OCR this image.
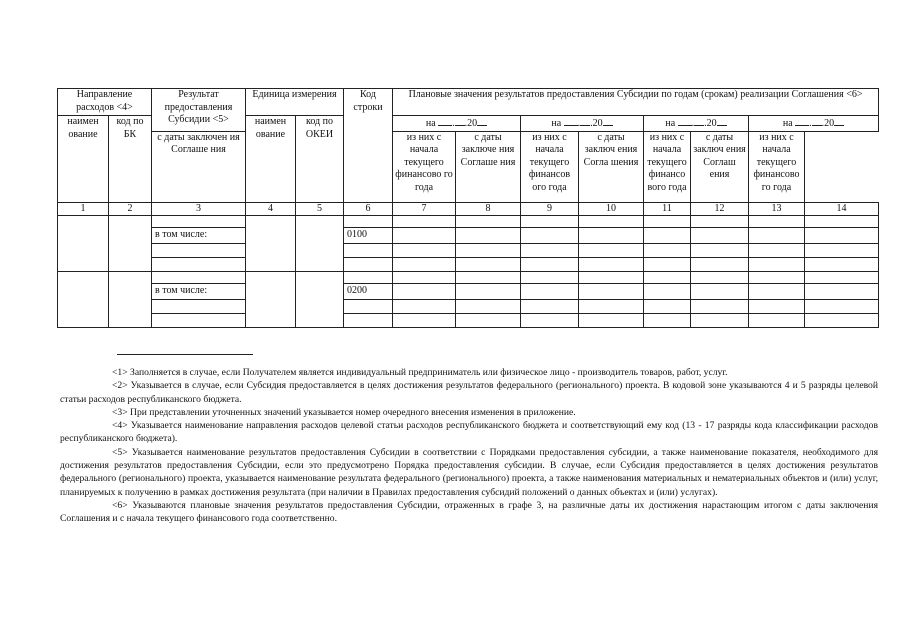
Направление расходов <4>		Результат предоставления Субсидии <5>	Единица измерения		Код строки	Плановые значения результатов предоставления Субсидии по годам (срокам) реализации Соглашения <6>							
наимен ование	код по БК		наимен ование	код по ОКЕИ		на . .20		на . .20		на . .20		на . .20	
		с даты заключен ия Соглаше ния				из них с начала текущего финансово го года	с даты заключе ния Соглаше ния	из них с начала текущего финансов ого года	с даты заключ ения Согла шения	из них с начала текущего финансо вого года	с даты заключ ения Соглаш ения	из них с начала текущего финансово го года	
1	2	3	4	5	6	7	8	9	10	11	12	13	14

		в том числе:			0100								

		в том числе:			0200								

<1> Заполняется в случае, если Получателем является индивидуальный предприниматель или физическое лицо - производитель товаров, работ, услуг.

<2> Указывается в случае, если Субсидия предоставляется в целях достижения результатов федерального (регионального) проекта. В кодовой зоне указываются 4 и 5 разряды целевой статьи расходов республиканского бюджета.

<3> При представлении уточненных значений указывается номер очередного внесения изменения в приложение.

<4> Указывается наименование направления расходов целевой статьи расходов республиканского бюджета и соответствующий ему код (13 - 17 разряды кода классификации расходов республиканского бюджета).

<5> Указывается наименование результатов предоставления Субсидии в соответствии с Порядками предоставления субсидии, а также наименование показателя, необходимого для достижения результатов предоставления Субсидии, если это предусмотрено Порядка предоставления субсидии. В случае, если Субсидия предоставляется в целях достижения результатов федерального (регионального) проекта, указывается наименование результата федерального (регионального) проекта, а также наименования материальных и нематериальных объектов и (или) услуг, планируемых к получению в рамках достижения результата (при наличии в Правилах предоставления субсидий положений о данных объектах и (или) услугах).

<6> Указываются плановые значения результатов предоставления Субсидии, отраженных в графе 3, на различные даты их достижения нарастающим итогом с даты заключения Соглашения и с начала текущего финансового года соответственно.
